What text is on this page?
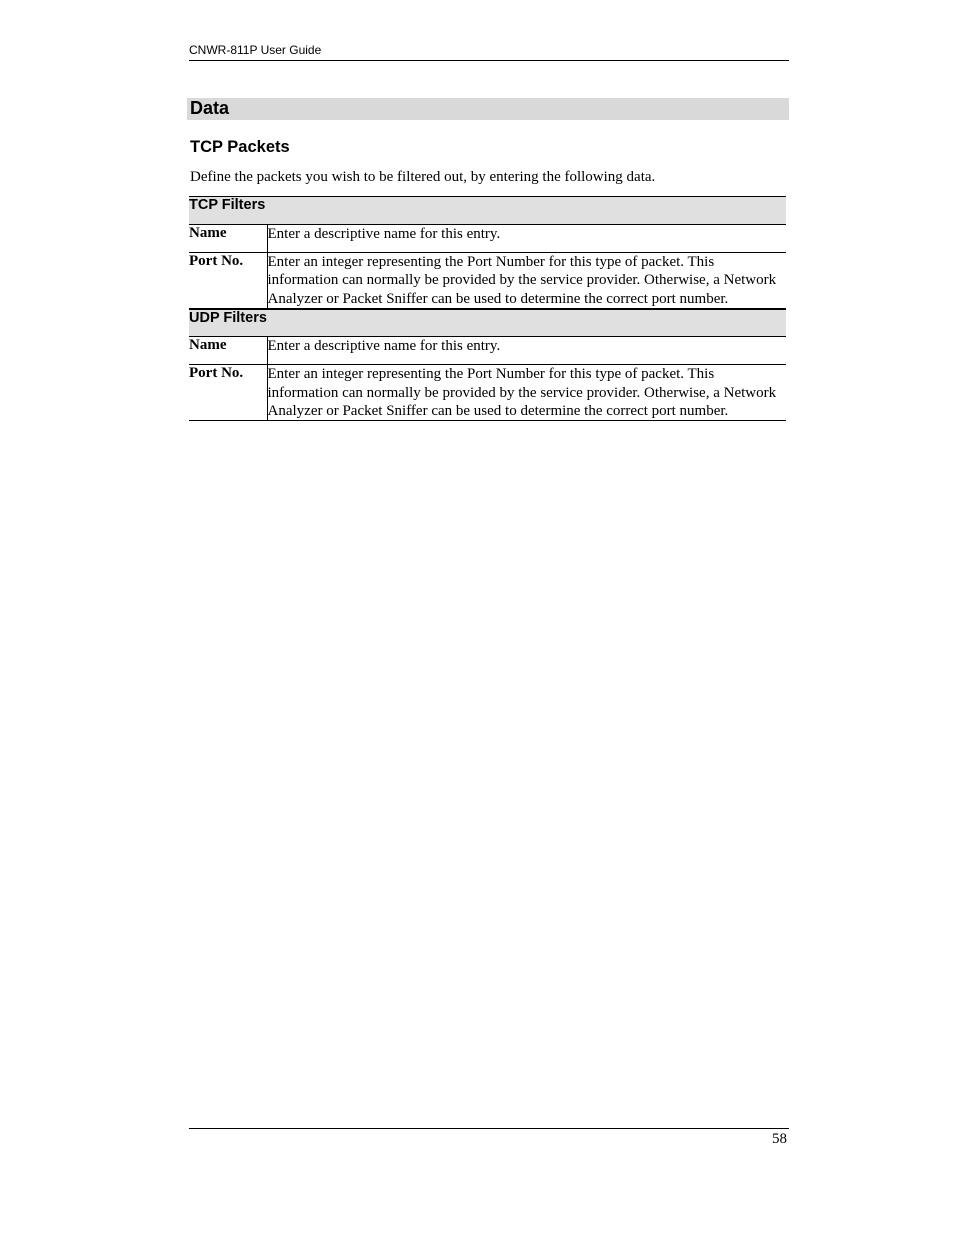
CNWR-811P User Guide
Data
TCP Packets
Define the packets you wish to be filtered out, by entering the following data.
TCP Filters	
Name	Enter a descriptive name for this entry.
Port No.	Enter an integer representing the Port Number for this type of packet. This information can normally be provided by the service provider. Otherwise, a Network Analyzer or Packet Sniffer can be used to determine the correct port number.
UDP Filters	
Name	Enter a descriptive name for this entry.
Port No.	Enter an integer representing the Port Number for this type of packet. This information can normally be provided by the service provider. Otherwise, a Network Analyzer or Packet Sniffer can be used to determine the correct port number.
58
